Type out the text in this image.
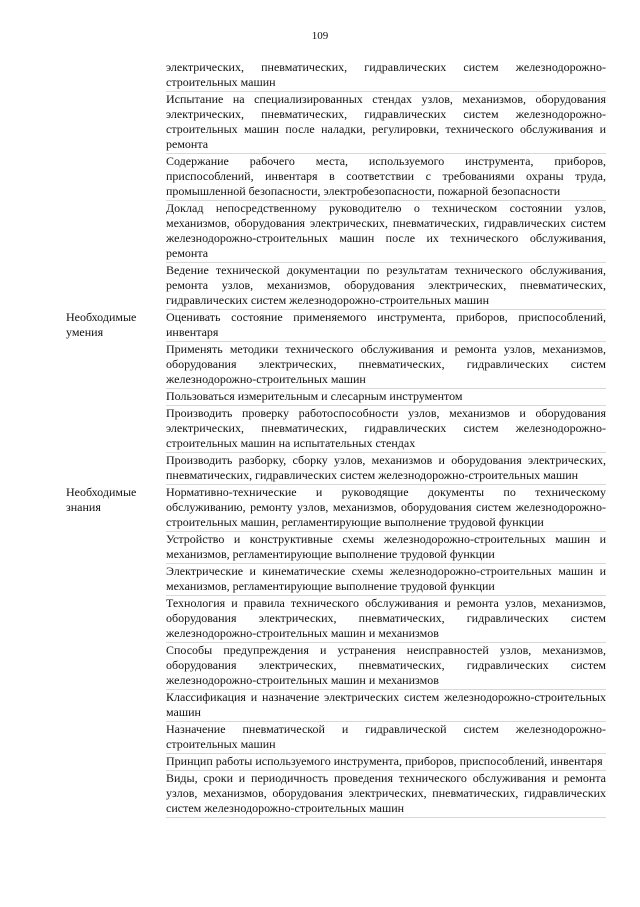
109
электрических, пневматических, гидравлических систем железнодорожно-строительных машин
Испытание на специализированных стендах узлов, механизмов, оборудования электрических, пневматических, гидравлических систем железнодорожно-строительных машин после наладки, регулировки, технического обслуживания и ремонта
Содержание рабочего места, используемого инструмента, приборов, приспособлений, инвентаря в соответствии с требованиями охраны труда, промышленной безопасности, электробезопасности, пожарной безопасности
Доклад непосредственному руководителю о техническом состоянии узлов, механизмов, оборудования электрических, пневматических, гидравлических систем железнодорожно-строительных машин после их технического обслуживания, ремонта
Ведение технической документации по результатам технического обслуживания, ремонта узлов, механизмов, оборудования электрических, пневматических, гидравлических систем железнодорожно-строительных машин
Необходимые умения
Оценивать состояние применяемого инструмента, приборов, приспособлений, инвентаря
Применять методики технического обслуживания и ремонта узлов, механизмов, оборудования электрических, пневматических, гидравлических систем железнодорожно-строительных машин
Пользоваться измерительным и слесарным инструментом
Производить проверку работоспособности узлов, механизмов и оборудования электрических, пневматических, гидравлических систем железнодорожно-строительных машин на испытательных стендах
Производить разборку, сборку узлов, механизмов и оборудования электрических, пневматических, гидравлических систем железнодорожно-строительных машин
Необходимые знания
Нормативно-технические и руководящие документы по техническому обслуживанию, ремонту узлов, механизмов, оборудования систем железнодорожно-строительных машин, регламентирующие выполнение трудовой функции
Устройство и конструктивные схемы железнодорожно-строительных машин и механизмов, регламентирующие выполнение трудовой функции
Электрические и кинематические схемы железнодорожно-строительных машин и механизмов, регламентирующие выполнение трудовой функции
Технология и правила технического обслуживания и ремонта узлов, механизмов, оборудования электрических, пневматических, гидравлических систем железнодорожно-строительных машин и механизмов
Способы предупреждения и устранения неисправностей узлов, механизмов, оборудования электрических, пневматических, гидравлических систем железнодорожно-строительных машин и механизмов
Классификация и назначение электрических систем железнодорожно-строительных машин
Назначение пневматической и гидравлической систем железнодорожно-строительных машин
Принцип работы используемого инструмента, приборов, приспособлений, инвентаря
Виды, сроки и периодичность проведения технического обслуживания и ремонта узлов, механизмов, оборудования электрических, пневматических, гидравлических систем железнодорожно-строительных машин
